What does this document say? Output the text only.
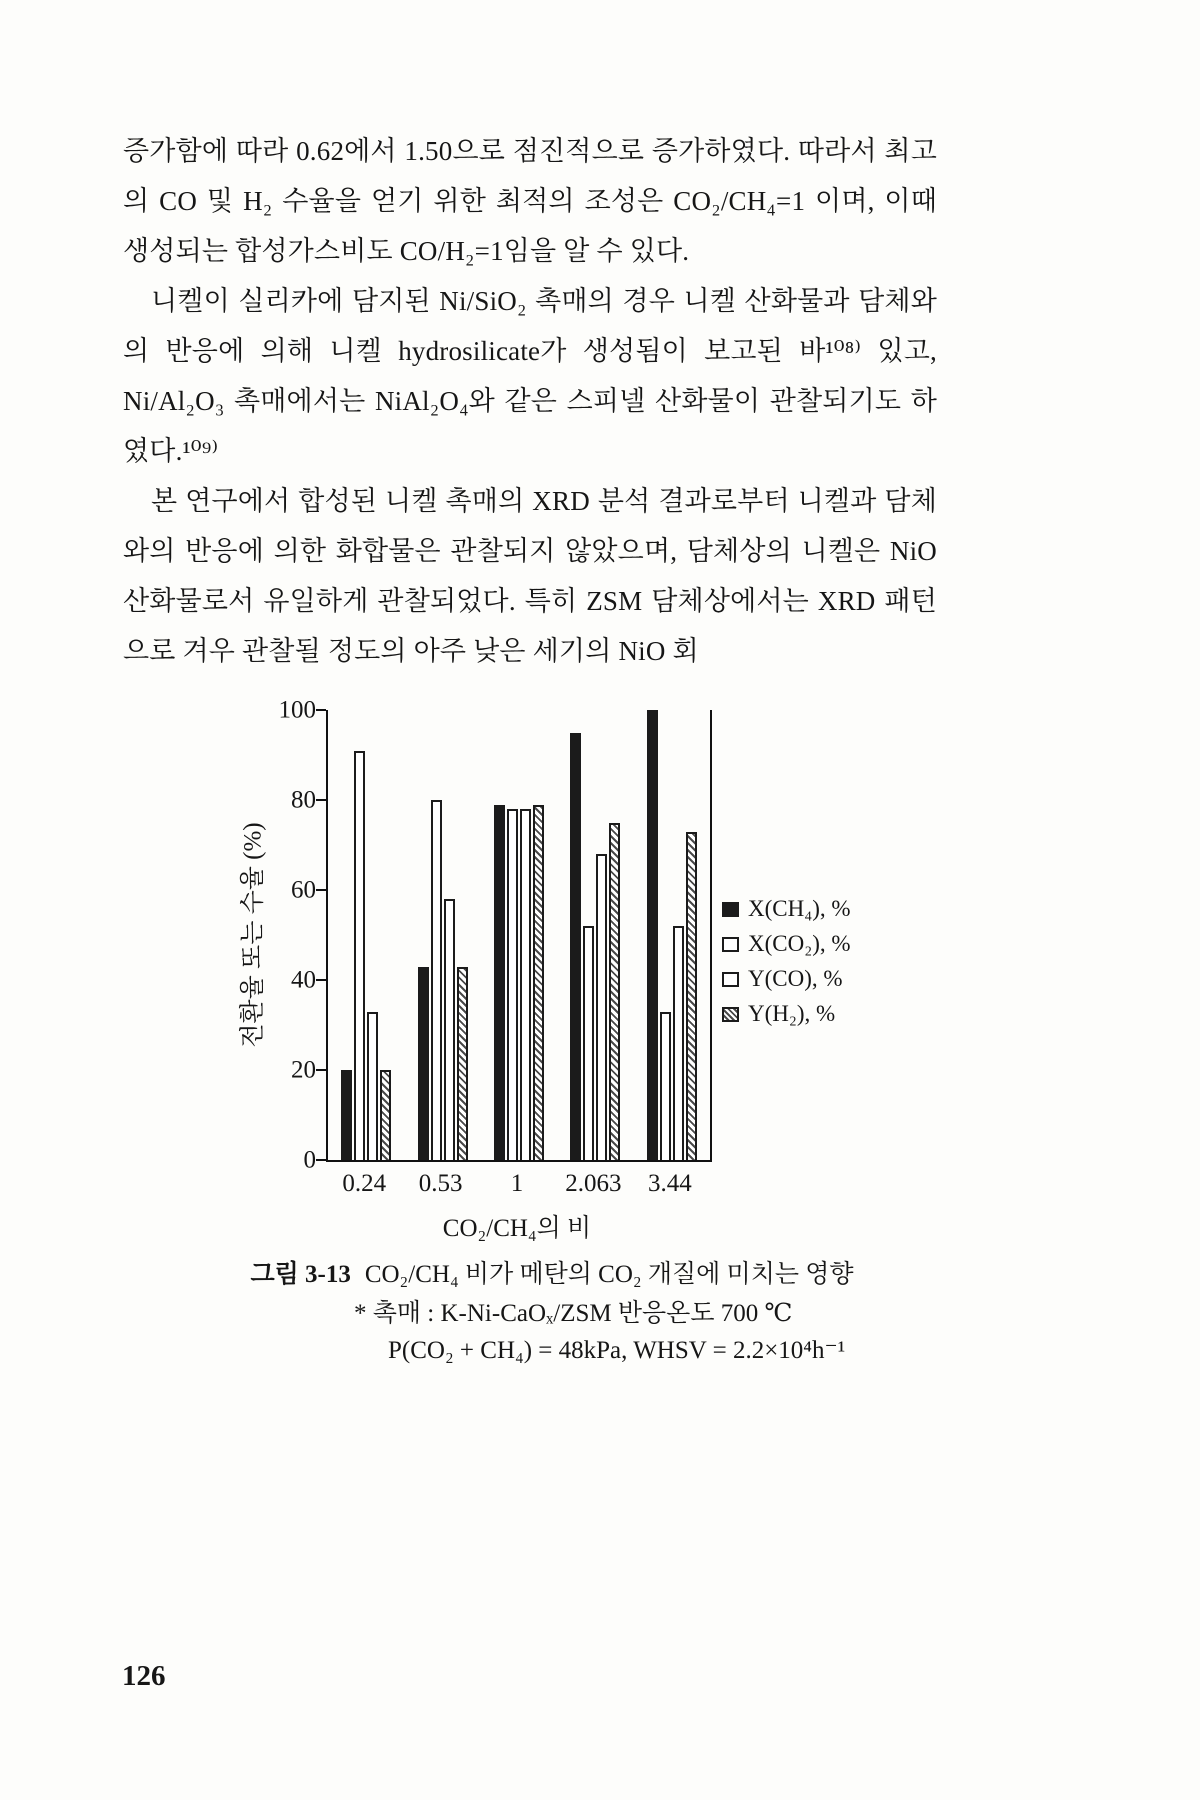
증가함에 따라 0.62에서 1.50으로 점진적으로 증가하였다. 따라서 최고의 CO 및 H₂ 수율을 얻기 위한 최적의 조성은 CO₂/CH₄=1 이며, 이때 생성되는 합성가스비도 CO/H₂=1임을 알 수 있다.

니켈이 실리카에 담지된 Ni/SiO₂ 촉매의 경우 니켈 산화물과 담체와의 반응에 의해 니켈 hydrosilicate가 생성됨이 보고된 바¹⁰⁸⁾ 있고, Ni/Al₂O₃ 촉매에서는 NiAl₂O₄와 같은 스피넬 산화물이 관찰되기도 하였다.¹⁰⁹⁾

본 연구에서 합성된 니켈 촉매의 XRD 분석 결과로부터 니켈과 담체와의 반응에 의한 화합물은 관찰되지 않았으며, 담체상의 니켈은 NiO 산화물로서 유일하게 관찰되었다. 특히 ZSM 담체상에서는 XRD 패턴으로 겨우 관찰될 정도의 아주 낮은 세기의 NiO 회

전환율 또는 수율 (%)
0
20
40
60
80
100
0.24	0.53	1	2.063	3.44
CO₂/CH₄의 비
X(CH₄), %
X(CO₂), %
Y(CO), %
Y(H₂), %
그림 3-13 CO₂/CH₄ 비가 메탄의 CO₂ 개질에 미치는 영향
* 촉매 : K-Ni-CaOₓ/ZSM 반응온도 700 ℃
P(CO₂ + CH₄) = 48kPa, WHSV = 2.2×10⁴h⁻¹
126
